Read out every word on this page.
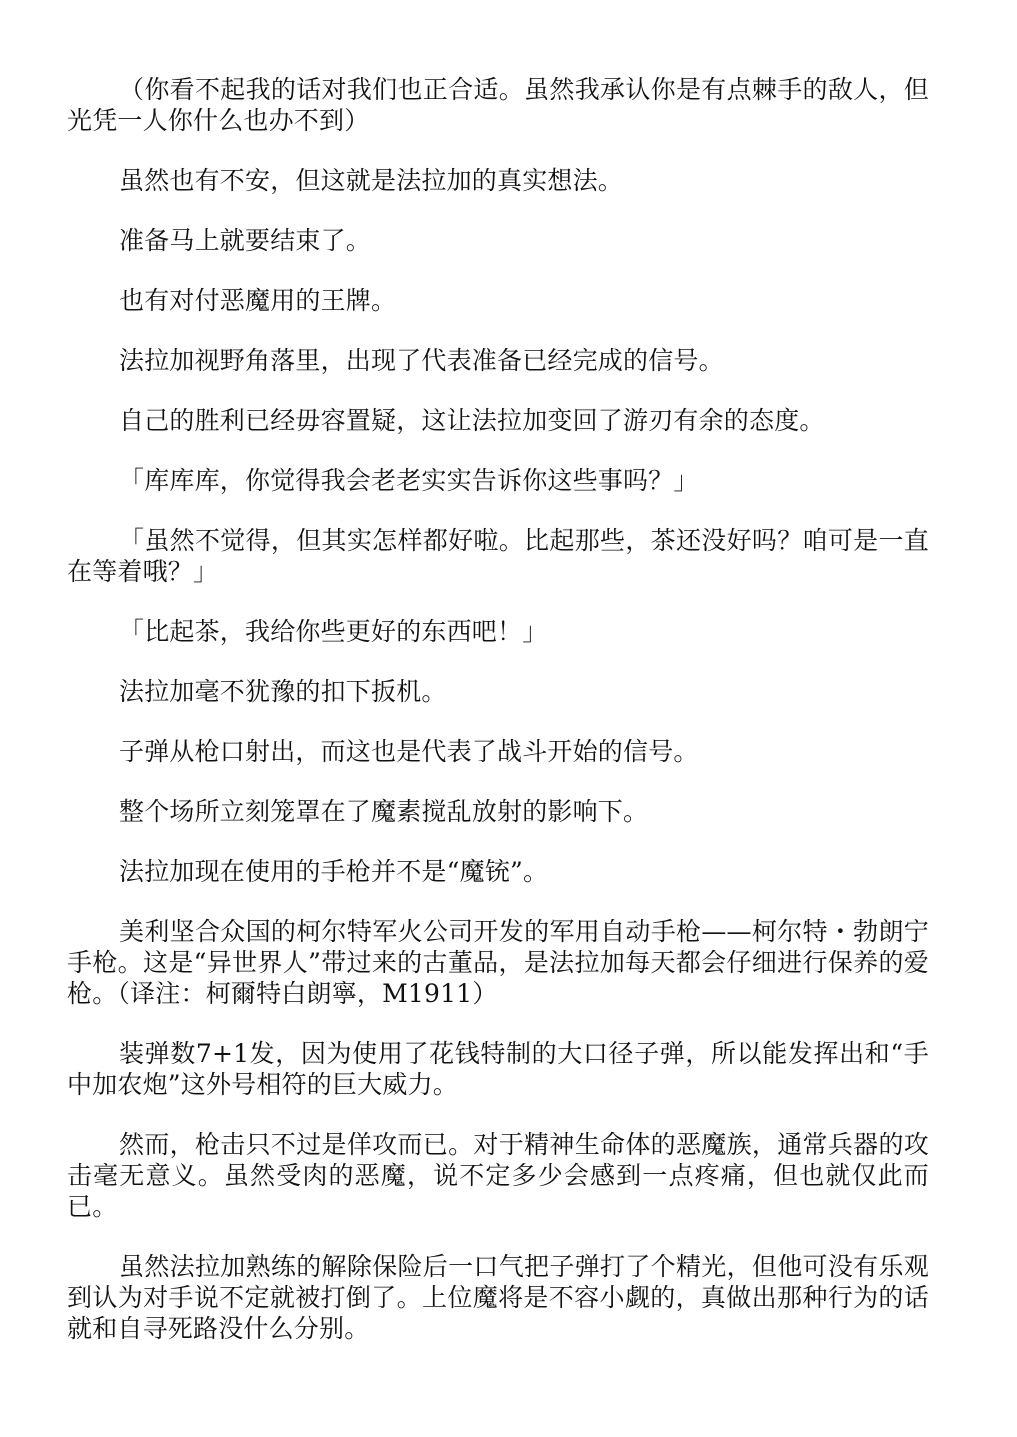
（你看不起我的话对我们也正合适。虽然我承认你是有点棘手的敌人，但光凭一人你什么也办不到）

虽然也有不安，但这就是法拉加的真实想法。

准备马上就要结束了。

也有对付恶魔用的王牌。

法拉加视野角落里，出现了代表准备已经完成的信号。

自己的胜利已经毋容置疑，这让法拉加变回了游刃有余的态度。

「库库库，你觉得我会老老实实告诉你这些事吗？」

「虽然不觉得，但其实怎样都好啦。比起那些，茶还没好吗？咱可是一直在等着哦？」

「比起茶，我给你些更好的东西吧！」

法拉加毫不犹豫的扣下扳机。

子弹从枪口射出，而这也是代表了战斗开始的信号。

整个场所立刻笼罩在了魔素搅乱放射的影响下。

法拉加现在使用的手枪并不是“魔铳”。

美利坚合众国的柯尔特军火公司开发的军用自动手枪——柯尔特・勃朗宁手枪。这是“异世界人”带过来的古董品，是法拉加每天都会仔细进行保养的爱枪。（译注：柯爾特白朗寧，M1911）

装弹数7+1发，因为使用了花钱特制的大口径子弹，所以能发挥出和“手中加农炮”这外号相符的巨大威力。

然而，枪击只不过是佯攻而已。对于精神生命体的恶魔族，通常兵器的攻击毫无意义。虽然受肉的恶魔，说不定多少会感到一点疼痛，但也就仅此而已。

虽然法拉加熟练的解除保险后一口气把子弹打了个精光，但他可没有乐观到认为对手说不定就被打倒了。上位魔将是不容小觑的，真做出那种行为的话就和自寻死路没什么分别。
